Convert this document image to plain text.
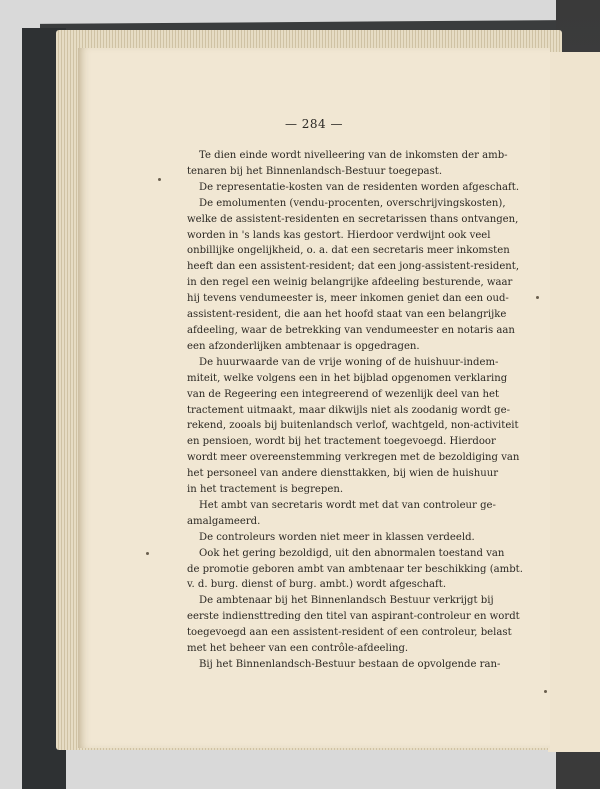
— 284 —
Te dien einde wordt nivelleering van de inkomsten der amb-
tenaren bij het Binnenlandsch-Bestuur toegepast.
De representatie-kosten van de residenten worden afgeschaft.
De emolumenten (vendu-procenten, overschrijvingskosten),
welke de assistent-residenten en secretarissen thans ontvangen,
worden in 's lands kas gestort. Hierdoor verdwijnt ook veel
onbillijke ongelijkheid, o. a. dat een secretaris meer inkomsten
heeft dan een assistent-resident; dat een jong-assistent-resident,
in den regel een weinig belangrijke afdeeling besturende, waar
hij tevens vendumeester is, meer inkomen geniet dan een oud-
assistent-resident, die aan het hoofd staat van een belangrijke
afdeeling, waar de betrekking van vendumeester en notaris aan
een afzonderlijken ambtenaar is opgedragen.
De huurwaarde van de vrije woning of de huishuur-indem-
miteit, welke volgens een in het bijblad opgenomen verklaring
van de Regeering een integreerend of wezenlijk deel van het
tractement uitmaakt, maar dikwijls niet als zoodanig wordt ge-
rekend, zooals bij buitenlandsch verlof, wachtgeld, non-activiteit
en pensioen, wordt bij het tractement toegevoegd. Hierdoor
wordt meer overeenstemming verkregen met de bezoldiging van
het personeel van andere diensttakken, bij wien de huishuur
in het tractement is begrepen.
Het ambt van secretaris wordt met dat van controleur ge-
amalgameerd.
De controleurs worden niet meer in klassen verdeeld.
Ook het gering bezoldigd, uit den abnormalen toestand van
de promotie geboren ambt van ambtenaar ter beschikking (ambt.
v. d. burg. dienst of burg. ambt.) wordt afgeschaft.
De ambtenaar bij het Binnenlandsch Bestuur verkrijgt bij
eerste indiensttreding den titel van aspirant-controleur en wordt
toegevoegd aan een assistent-resident of een controleur, belast
met het beheer van een contrôle-afdeeling.
Bij het Binnenlandsch-Bestuur bestaan de opvolgende ran-
